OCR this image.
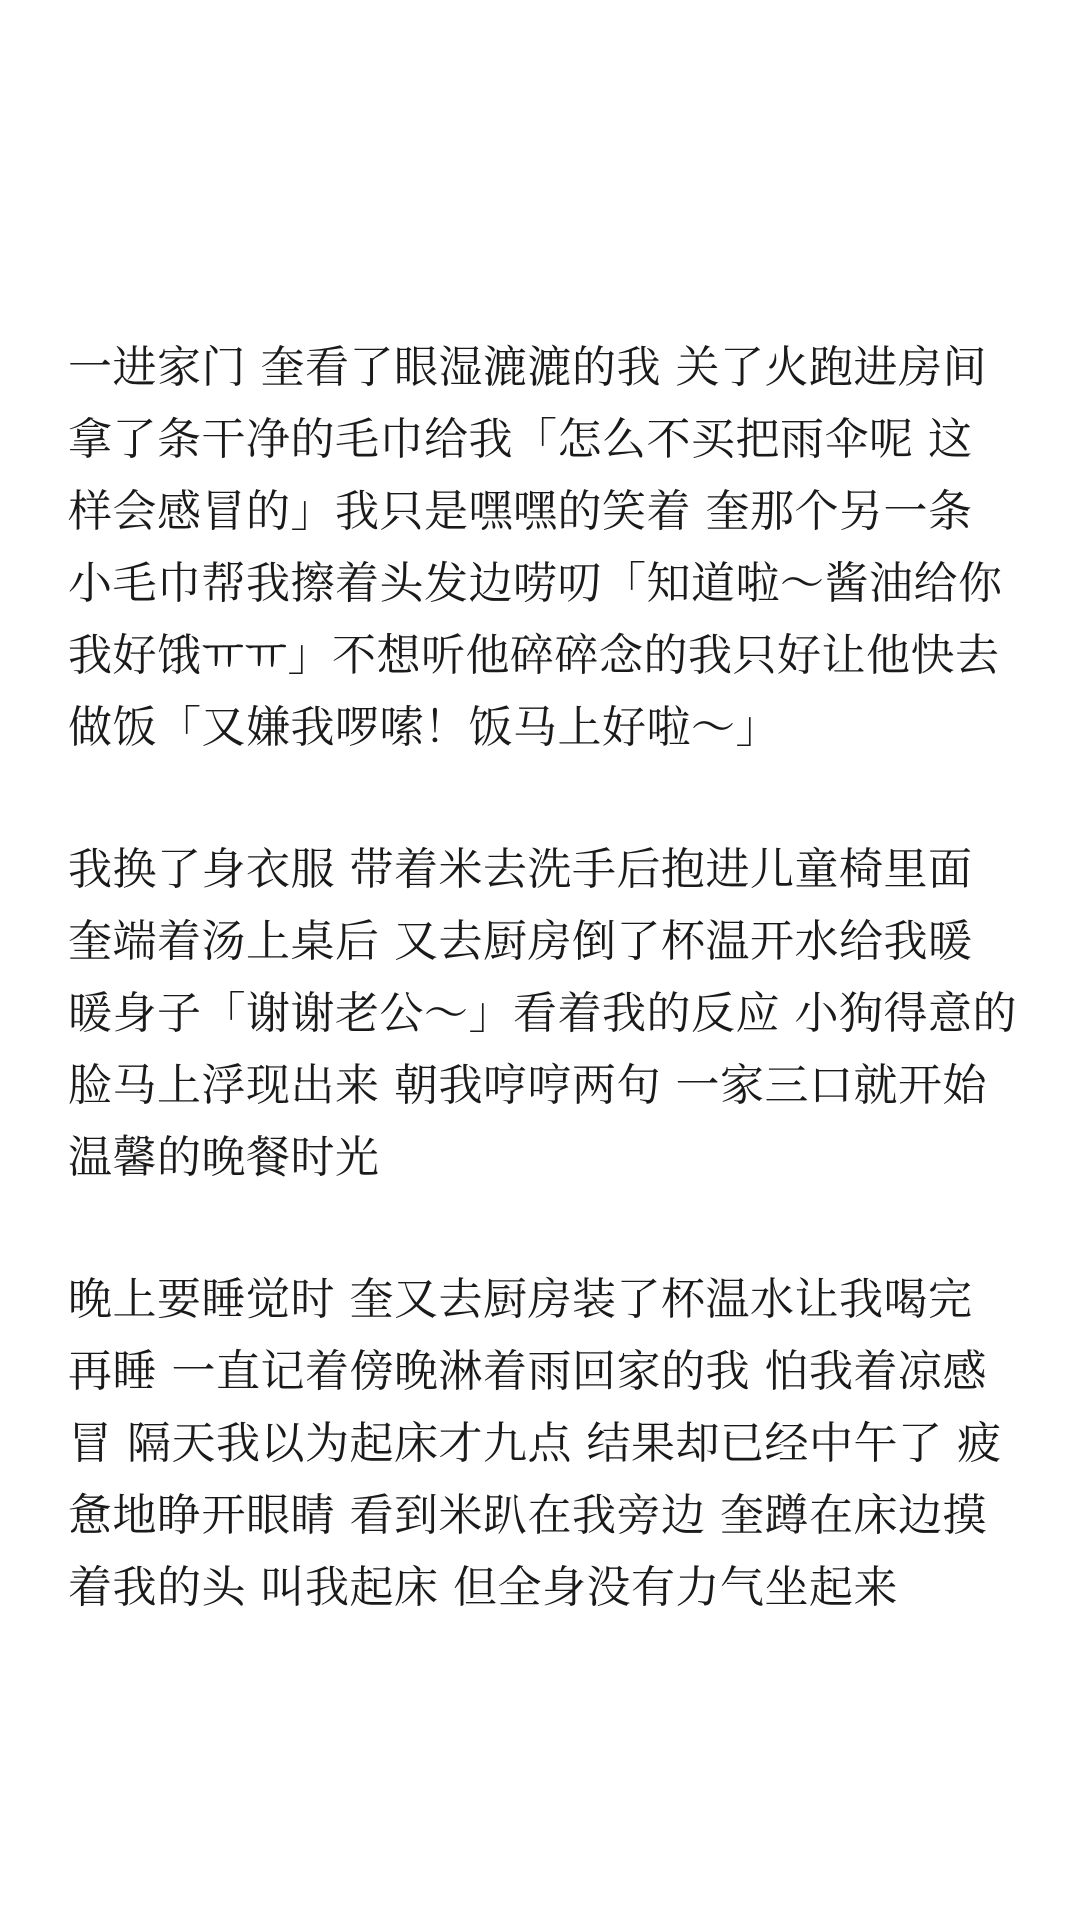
一进家门 奎看了眼湿漉漉的我 关了火跑进房间
拿了条干净的毛巾给我「怎么不买把雨伞呢 这
样会感冒的」我只是嘿嘿的笑着 奎那个另一条
小毛巾帮我擦着头发边唠叨「知道啦～酱油给你
我好饿ㅠㅠ」不想听他碎碎念的我只好让他快去
做饭「又嫌我啰嗦！饭马上好啦～」
我换了身衣服 带着米去洗手后抱进儿童椅里面
奎端着汤上桌后 又去厨房倒了杯温开水给我暖
暖身子「谢谢老公～」看着我的反应 小狗得意的
脸马上浮现出来 朝我哼哼两句 一家三口就开始
温馨的晚餐时光
晚上要睡觉时 奎又去厨房装了杯温水让我喝完
再睡 一直记着傍晚淋着雨回家的我 怕我着凉感
冒 隔天我以为起床才九点 结果却已经中午了 疲
惫地睁开眼睛 看到米趴在我旁边 奎蹲在床边摸
着我的头 叫我起床 但全身没有力气坐起来
